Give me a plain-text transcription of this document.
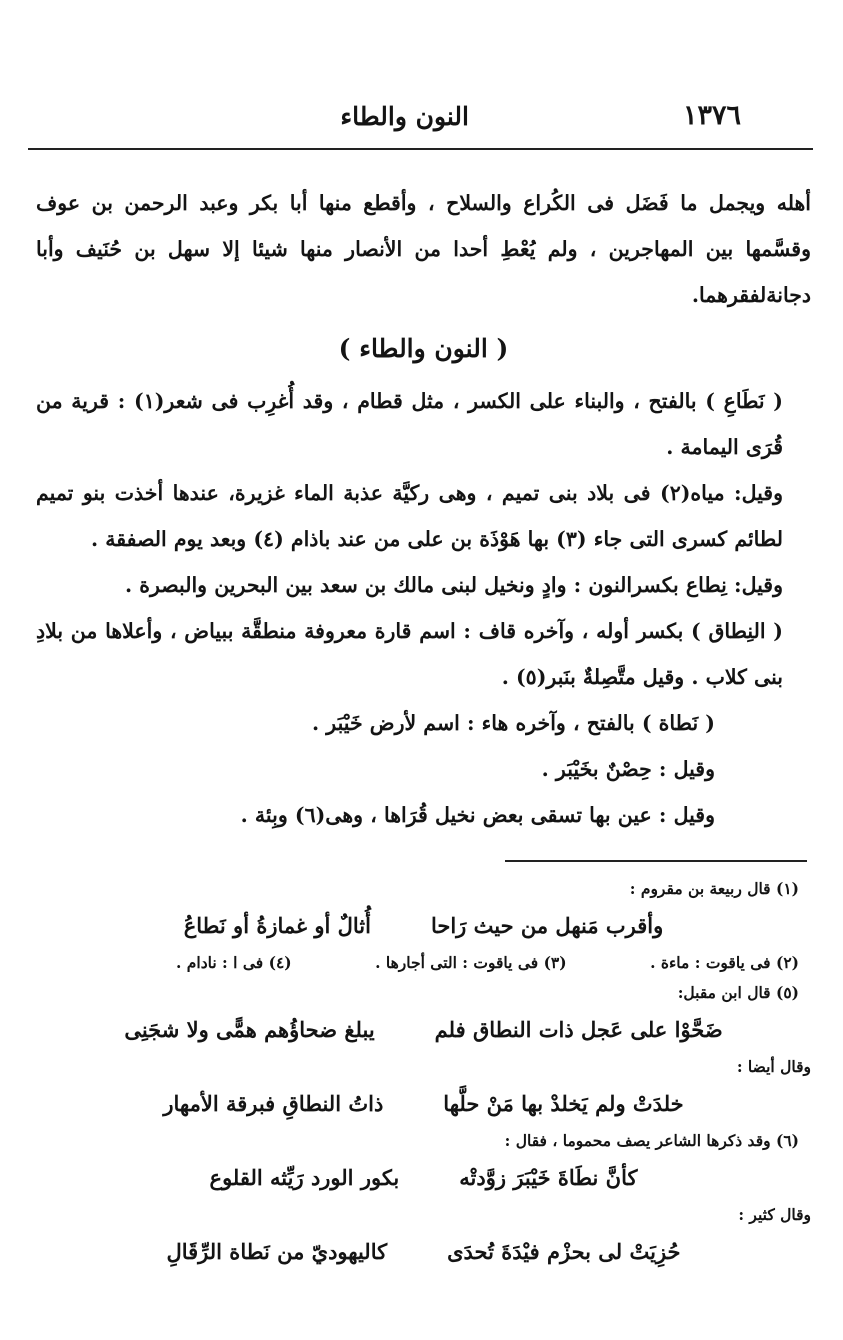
١٣٧٦
النون والطاء

أهله ويجمل ما فَضَل فى الكُراع والسلاح ، وأقطع منها أبا بكر وعبد الرحمن بن عوف وقسَّمها بين المهاجرين ، ولم يُعْطِ أحدا من الأنصار منها شيئا إلا سهل بن حُنَيف وأبا دجانةلفقرهما.

( النون والطاء )

( نَطَاعِ ) بالفتح ، والبناء على الكسر ، مثل قطام ، وقد أُغرِب فى شعر(١) : قرية من قُرَى اليمامة .

وقيل: مياه(٢) فى بلاد بنى تميم ، وهى ركيَّة عذبة الماء غزيرة، عندها أخذت بنو تميم لطائم كسرى التى جاء (٣) بها هَوْذَة بن على من عند باذام (٤) وبعد يوم الصفقة .

وقيل: نِطاع بكسرالنون : وادٍ ونخيل لبنى مالك بن سعد بين البحرين والبصرة .

( النِطاق ) بكسر أوله ، وآخره قاف : اسم قارة معروفة منطقَّة ببياض ، وأعلاها من بلادِ بنى كلاب . وقيل متَّصِلةٌ بنَبر(٥) .

( نَطاة ) بالفتح ، وآخره هاء : اسم لأرض خَيْبَر .

وقيل : حِصْنٌ بخَيْبَر .

وقيل : عين بها تسقى بعض نخيل قُرَاها ، وهى(٦) وبِئة .

(١) قال ربيعة بن مقروم :

وأقرب مَنهل من حيث رَاحا
أُثالٌ أو غمازةُ أو نَطاعُ
(٢) فى ياقوت : ماءة .
(٣) فى ياقوت : التى أجارها .
(٤) فى ا : نادام .

(٥) قال ابن مقبل:

ضَحَّوْا على عَجل ذات النطاق فلم
يبلغ ضحاؤُهم همًّى ولا شجَنِى

وقال أيضا :

خلدَتْ ولم يَخلدْ بها مَنْ حلَّها
ذاتُ النطاقِ فبرقة الأمهار

(٦) وقد ذكرها الشاعر يصف محموما ، فقال :

كأنَّ نطَاةَ خَيْبَرَ زوَّدتْه
بكور الورد رَيِّثه القلوع

وقال كثير :

حُزِيَتْ لى بحزْم فيْدَةَ تُحدَى
كاليهوديّ من نَطاة الرِّقَالِ
